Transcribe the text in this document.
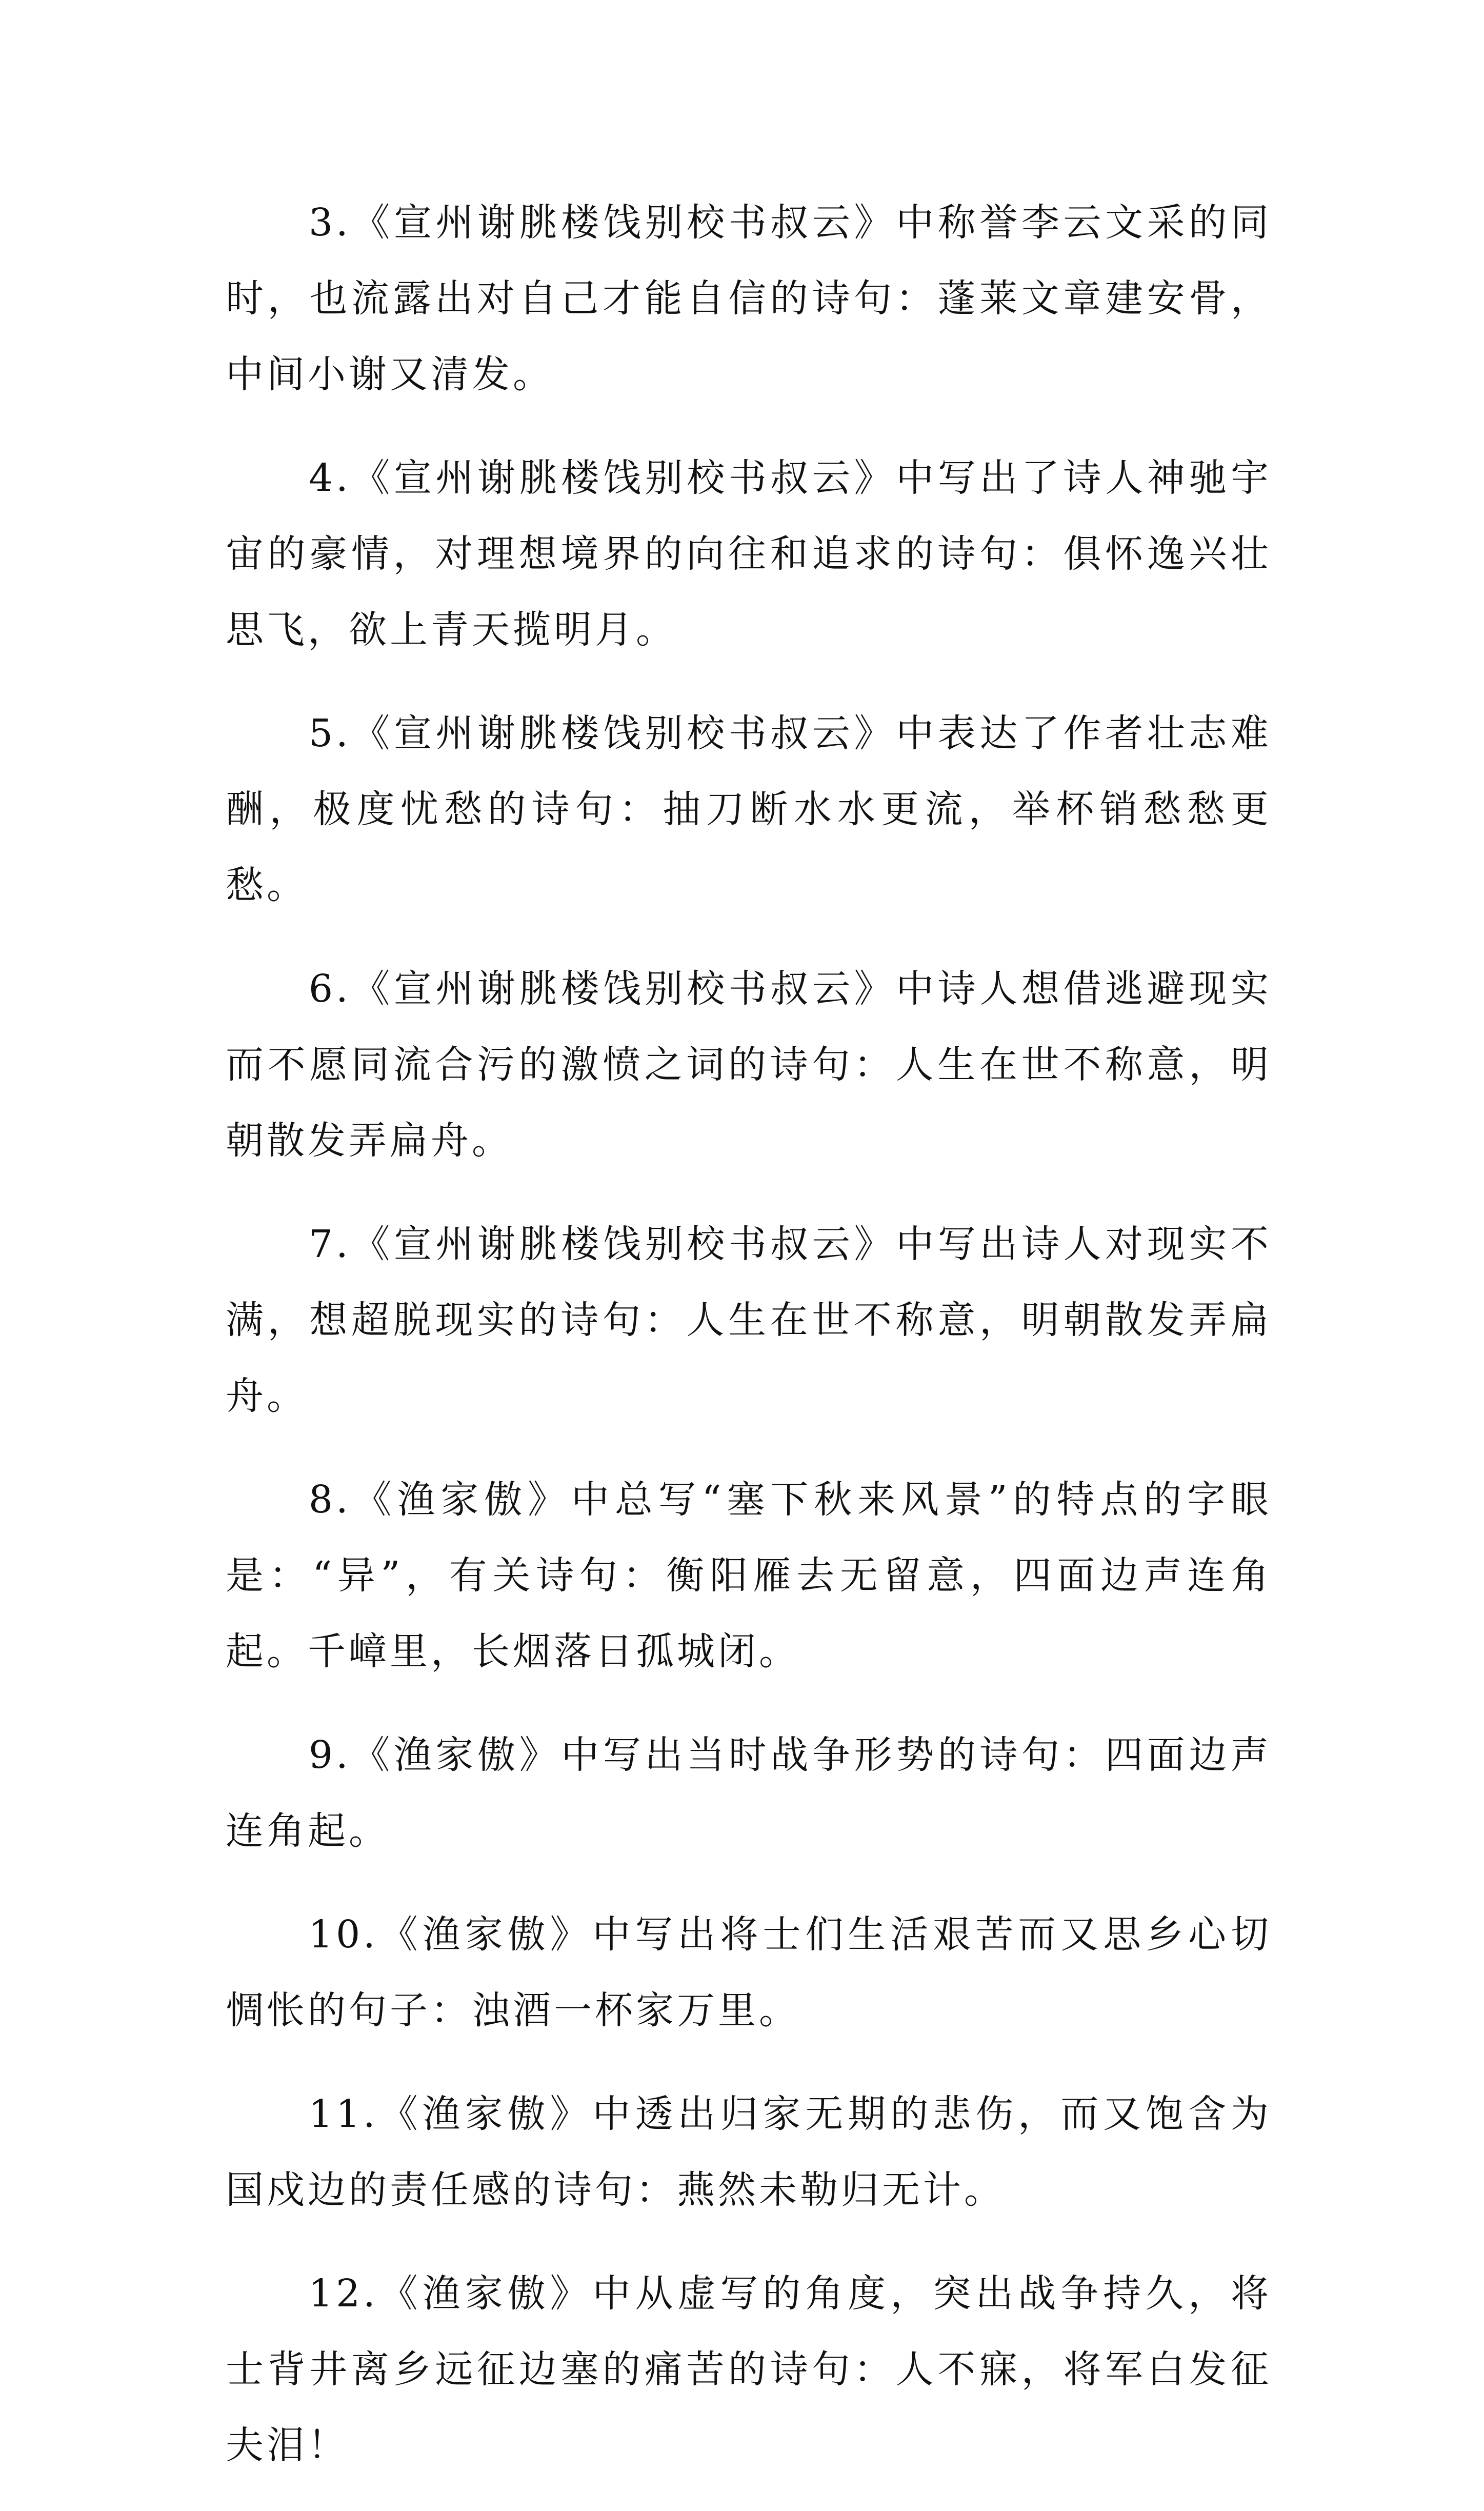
3.《宣州谢朓楼饯别校书叔云》中称誉李云文采的同时，也流露出对自己才能自信的诗句：蓬莱文章建安骨，中间小谢又清发。

4.《宣州谢朓楼饯别校书叔云》中写出了诗人神驰宇宙的豪情，对理想境界的向往和追求的诗句：俱怀逸兴壮思飞，欲上青天揽明月。

5.《宣州谢朓楼饯别校书叔云》中表达了作者壮志难酬，极度忧愁的诗句：抽刀断水水更流，举杯销愁愁更愁。

6.《宣州谢朓楼饯别校书叔云》中诗人想借逃避现实而不愿同流合污的激愤之词的诗句：人生在世不称意，明朝散发弄扁舟。

7.《宣州谢朓楼饯别校书叔云》中写出诗人对现实不满，想超脱现实的诗句：人生在世不称意，明朝散发弄扁舟。

8.《渔家傲》中总写“塞下秋来风景”的特点的字眼是：“异”，有关诗句：衡阳雁去无留意，四面边声连角起。千嶂里，长烟落日孤城闭。

9.《渔家傲》中写出当时战争形势的诗句：四面边声连角起。

10.《渔家傲》中写出将士们生活艰苦而又思乡心切惆怅的句子：浊酒一杯家万里。

11.《渔家傲》中透出归家无期的悲伤，而又饱含为国戍边的责任感的诗句：燕然未勒归无计。

12.《渔家傲》中从虚写的角度，突出战争持久，将士背井离乡远征边塞的痛苦的诗句：人不寐，将军白发征夫泪！
